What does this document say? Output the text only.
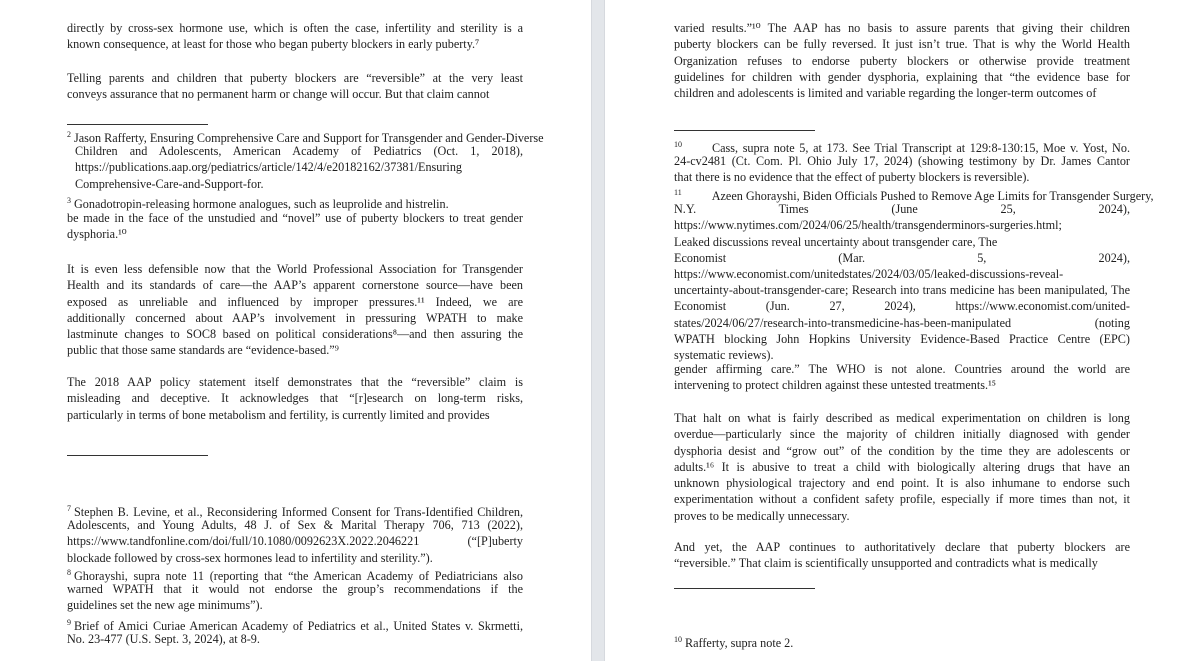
directly by cross-sex hormone use, which is often the case, infertility and sterility is a
known consequence, at least for those who began puberty blockers in early puberty.⁷
Telling parents and children that puberty blockers are “reversible” at the very least
conveys assurance that no permanent harm or change will occur. But that claim cannot
$^2$ Jason Rafferty, Ensuring Comprehensive Care and Support for Transgender and Gender-Diverse
Children and Adolescents, American Academy of Pediatrics (Oct. 1, 2018),
https://publications.aap.org/pediatrics/article/142/4/e20182162/37381/Ensuring
Comprehensive-Care-and-Support-for.
$^3$ Gonadotropin-releasing hormone analogues, such as leuprolide and histrelin.
be made in the face of the unstudied and “novel” use of puberty blockers to treat gender
dysphoria.¹⁰
It is even less defensible now that the World Professional Association for Transgender
Health and its standards of care—the AAP’s apparent cornerstone source—have been
exposed as unreliable and influenced by improper pressures.¹¹ Indeed, we are
additionally concerned about AAP’s involvement in pressuring WPATH to make
lastminute changes to SOC8 based on political considerations⁸—and then assuring the
public that those same standards are “evidence-based.”⁹
The 2018 AAP policy statement itself demonstrates that the “reversible” claim is
misleading and deceptive. It acknowledges that “[r]esearch on long-term risks,
particularly in terms of bone metabolism and fertility, is currently limited and provides
$^7$ Stephen B. Levine, et al., Reconsidering Informed Consent for Trans-Identified Children,
Adolescents, and Young Adults, 48 J. of Sex & Marital Therapy 706, 713 (2022),
https://www.tandfonline.com/doi/full/10.1080/0092623X.2022.2046221 (“[P]uberty
blockade followed by cross-sex hormones lead to infertility and sterility.”).
$^8$ Ghorayshi, supra note 11 (reporting that “the American Academy of Pediatricians also
warned WPATH that it would not endorse the group’s recommendations if the
guidelines set the new age minimums”).
$^9$ Brief of Amici Curiae American Academy of Pediatrics et al., United States v. Skrmetti,
No. 23-477 (U.S. Sept. 3, 2024), at 8-9.
varied results.”¹⁰ The AAP has no basis to assure parents that giving their children
puberty blockers can be fully reversed. It just isn’t true. That is why the World Health
Organization refuses to endorse puberty blockers or otherwise provide treatment
guidelines for children with gender dysphoria, explaining that “the evidence base for
children and adolescents is limited and variable regarding the longer-term outcomes of
$^{10}$ Cass, supra note 5, at 173. See Trial Transcript at 129:8-130:15, Moe v. Yost, No.
24-cv2481 (Ct. Com. Pl. Ohio July 17, 2024) (showing testimony by Dr. James Cantor
that there is no evidence that the effect of puberty blockers is reversible).
$^{11}$ Azeen Ghorayshi, Biden Officials Pushed to Remove Age Limits for Transgender Surgery,
N.Y. Times (June 25, 2024),
https://www.nytimes.com/2024/06/25/health/transgenderminors-surgeries.html;
Leaked discussions reveal uncertainty about transgender care, The
Economist (Mar. 5, 2024),
https://www.economist.com/unitedstates/2024/03/05/leaked-discussions-reveal-
uncertainty-about-transgender-care; Research into trans medicine has been manipulated, The
Economist (Jun. 27, 2024), https://www.economist.com/united-
states/2024/06/27/research-into-transmedicine-has-been-manipulated (noting
WPATH blocking John Hopkins University Evidence-Based Practice Centre (EPC)
systematic reviews).
gender affirming care.” The WHO is not alone. Countries around the world are
intervening to protect children against these untested treatments.¹⁵
That halt on what is fairly described as medical experimentation on children is long
overdue—particularly since the majority of children initially diagnosed with gender
dysphoria desist and “grow out” of the condition by the time they are adolescents or
adults.¹⁶ It is abusive to treat a child with biologically altering drugs that have an
unknown physiological trajectory and end point. It is also inhumane to endorse such
experimentation without a confident safety profile, especially if more times than not, it
proves to be medically unnecessary.
And yet, the AAP continues to authoritatively declare that puberty blockers are
“reversible.” That claim is scientifically unsupported and contradicts what is medically
$^{10}$ Rafferty, supra note 2.
